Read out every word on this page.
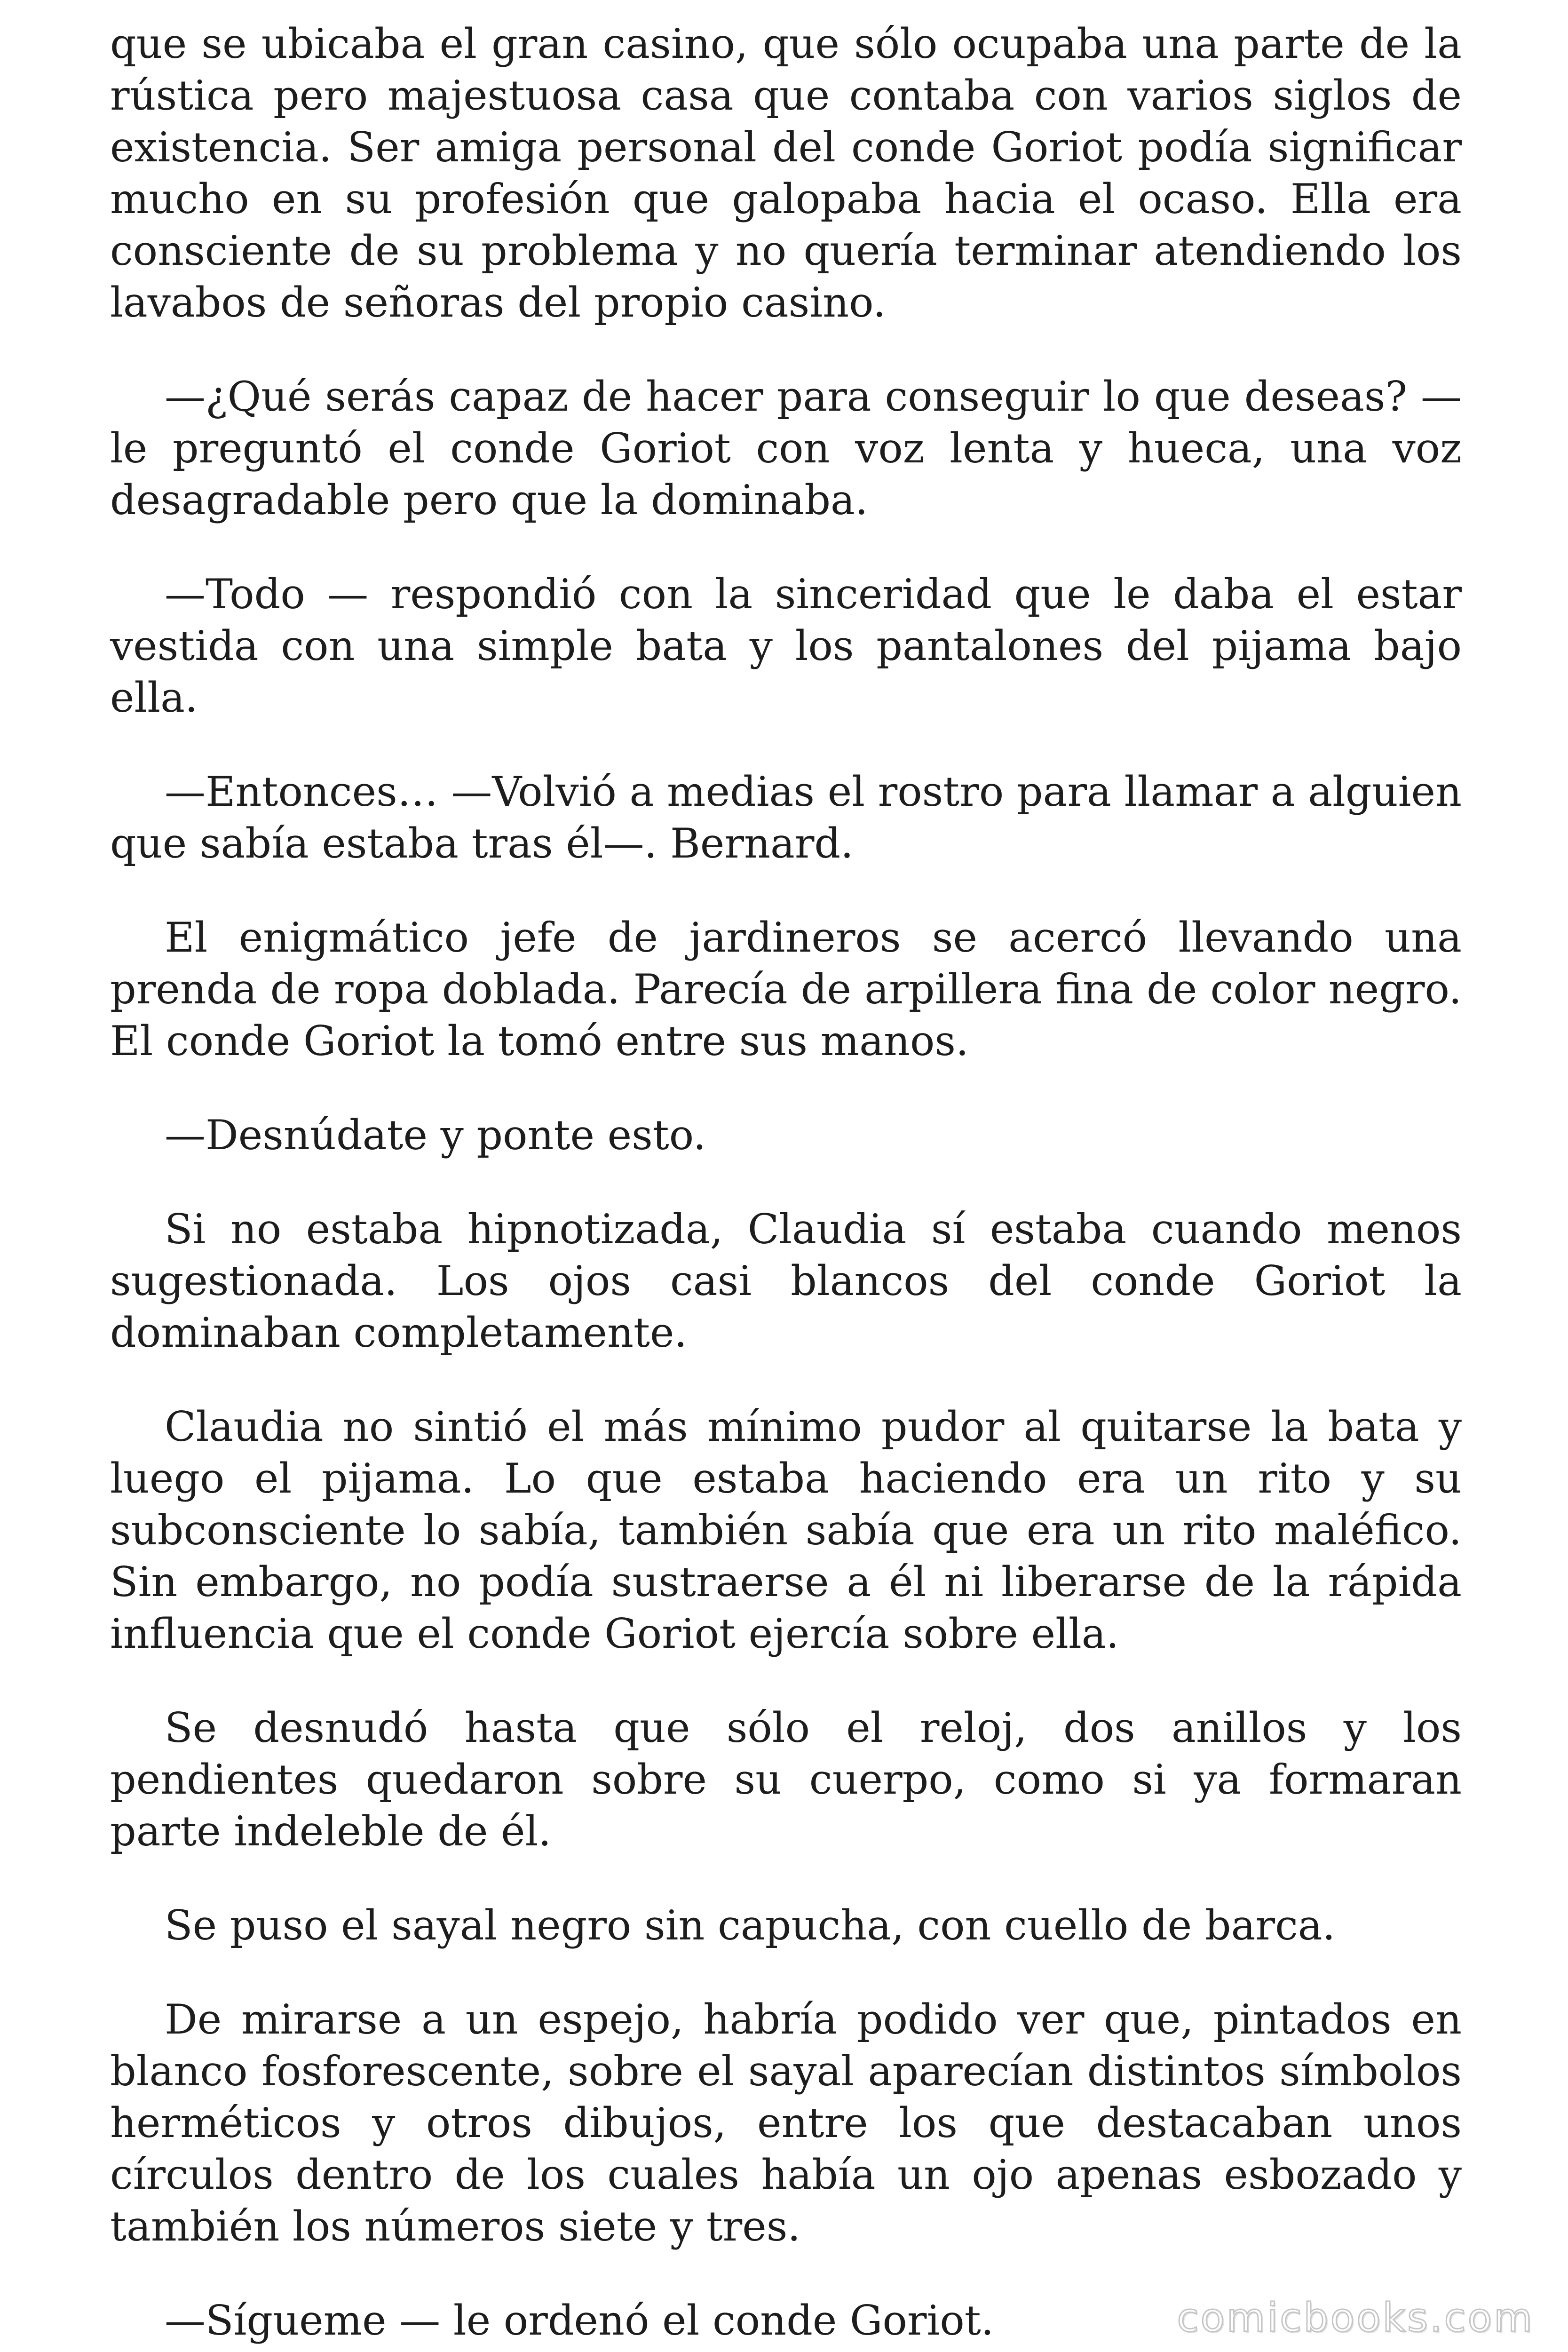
que se ubicaba el gran casino, que sólo ocupaba una parte de la rústica pero majestuosa casa que contaba con varios siglos de existencia. Ser amiga personal del conde Goriot podía significar mucho en su profesión que galopaba hacia el ocaso. Ella era consciente de su problema y no quería terminar atendiendo los lavabos de señoras del propio casino.

—¿Qué serás capaz de hacer para conseguir lo que deseas? —le preguntó el conde Goriot con voz lenta y hueca, una voz desagradable pero que la dominaba.

—Todo — respondió con la sinceridad que le daba el estar vestida con una simple bata y los pantalones del pijama bajo ella.

—Entonces… —Volvió a medias el rostro para llamar a alguien que sabía estaba tras él—. Bernard.

El enigmático jefe de jardineros se acercó llevando una prenda de ropa doblada. Parecía de arpillera fina de color negro. El conde Goriot la tomó entre sus manos.

—Desnúdate y ponte esto.

Si no estaba hipnotizada, Claudia sí estaba cuando menos sugestionada. Los ojos casi blancos del conde Goriot la dominaban completamente.

Claudia no sintió el más mínimo pudor al quitarse la bata y luego el pijama. Lo que estaba haciendo era un rito y su subconsciente lo sabía, también sabía que era un rito maléfico. Sin embargo, no podía sustraerse a él ni liberarse de la rápida influencia que el conde Goriot ejercía sobre ella.

Se desnudó hasta que sólo el reloj, dos anillos y los pendientes quedaron sobre su cuerpo, como si ya formaran parte indeleble de él.

Se puso el sayal negro sin capucha, con cuello de barca.

De mirarse a un espejo, habría podido ver que, pintados en blanco fosforescente, sobre el sayal aparecían distintos símbolos herméticos y otros dibujos, entre los que destacaban unos círculos dentro de los cuales había un ojo apenas esbozado y también los números siete y tres.

—Sígueme — le ordenó el conde Goriot.	comicbooks.com
